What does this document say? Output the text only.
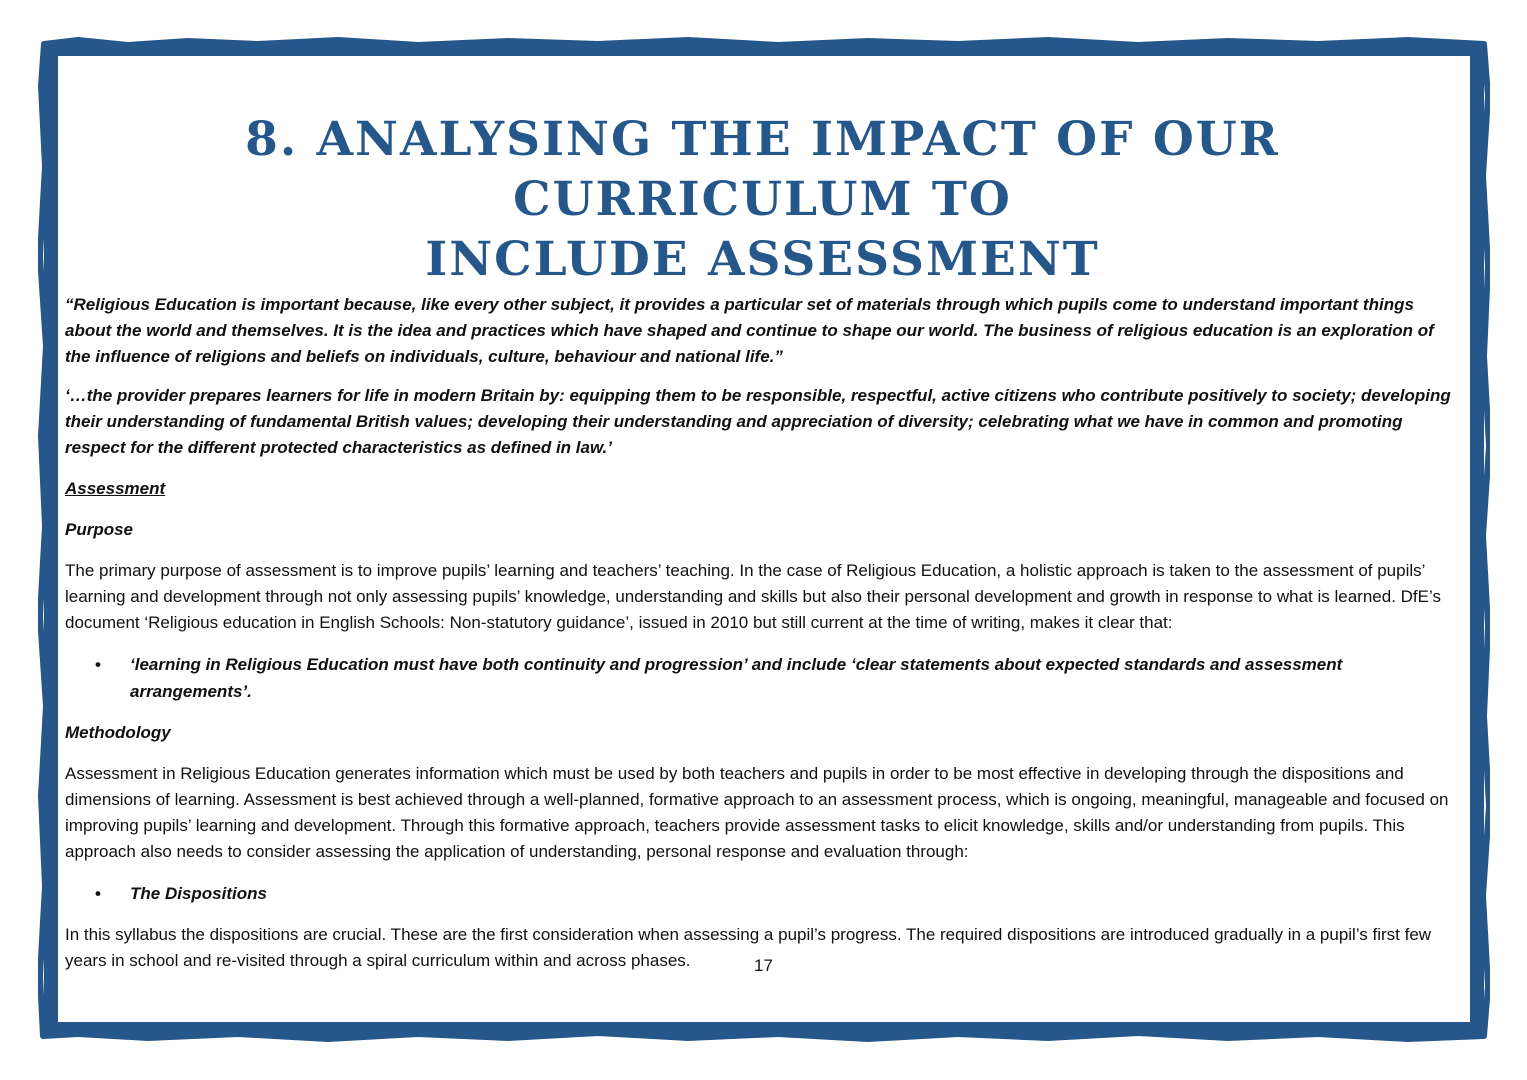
8. ANALYSING THE IMPACT OF OUR CURRICULUM TO
INCLUDE ASSESSMENT

“Religious Education is important because, like every other subject, it provides a particular set of materials through which pupils come to understand important things about the world and themselves. It is the idea and practices which have shaped and continue to shape our world. The business of religious education is an exploration of the influence of religions and beliefs on individuals, culture, behaviour and national life.”

‘…the provider prepares learners for life in modern Britain by: equipping them to be responsible, respectful, active citizens who contribute positively to society; developing their understanding of fundamental British values; developing their understanding and appreciation of diversity; celebrating what we have in common and promoting respect for the different protected characteristics as defined in law.’

Assessment

Purpose

The primary purpose of assessment is to improve pupils’ learning and teachers’ teaching. In the case of Religious Education, a holistic approach is taken to the assessment of pupils’ learning and development through not only assessing pupils’ knowledge, understanding and skills but also their personal development and growth in response to what is learned. DfE’s document ‘Religious education in English Schools: Non-statutory guidance’, issued in 2010 but still current at the time of writing, makes it clear that:

• ‘learning in Religious Education must have both continuity and progression’ and include ‘clear statements about expected standards and assessment arrangements’.

Methodology

Assessment in Religious Education generates information which must be used by both teachers and pupils in order to be most effective in developing through the dispositions and dimensions of learning. Assessment is best achieved through a well-planned, formative approach to an assessment process, which is ongoing, meaningful, manageable and focused on improving pupils’ learning and development. Through this formative approach, teachers provide assessment tasks to elicit knowledge, skills and/or understanding from pupils. This approach also needs to consider assessing the application of understanding, personal response and evaluation through:

• The Dispositions

In this syllabus the dispositions are crucial. These are the first consideration when assessing a pupil’s progress. The required dispositions are introduced gradually in a pupil’s first few years in school and re-visited through a spiral curriculum within and across phases.	17
